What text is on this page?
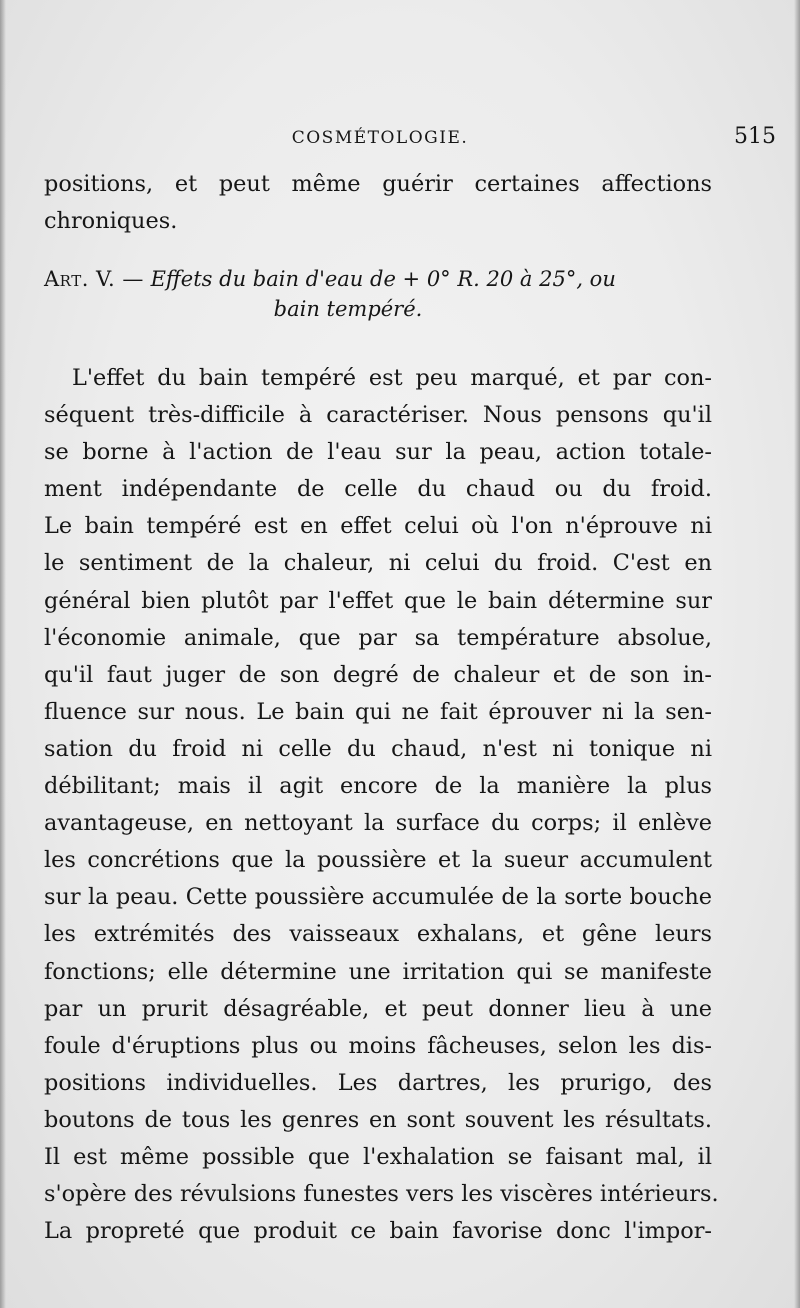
COSMÉTOLOGIE.	515
positions, et peut même guérir certaines affections
chroniques.
Art. V. — Effets du bain d'eau de + 0° R. 20 à 25°, ou
bain tempéré.
L'effet du bain tempéré est peu marqué, et par con-
séquent très-difficile à caractériser. Nous pensons qu'il
se borne à l'action de l'eau sur la peau, action totale-
ment indépendante de celle du chaud ou du froid.
Le bain tempéré est en effet celui où l'on n'éprouve ni
le sentiment de la chaleur, ni celui du froid. C'est en
général bien plutôt par l'effet que le bain détermine sur
l'économie animale, que par sa température absolue,
qu'il faut juger de son degré de chaleur et de son in-
fluence sur nous. Le bain qui ne fait éprouver ni la sen-
sation du froid ni celle du chaud, n'est ni tonique ni
débilitant; mais il agit encore de la manière la plus
avantageuse, en nettoyant la surface du corps; il enlève
les concrétions que la poussière et la sueur accumulent
sur la peau. Cette poussière accumulée de la sorte bouche
les extrémités des vaisseaux exhalans, et gêne leurs
fonctions; elle détermine une irritation qui se manifeste
par un prurit désagréable, et peut donner lieu à une
foule d'éruptions plus ou moins fâcheuses, selon les dis-
positions individuelles. Les dartres, les prurigo, des
boutons de tous les genres en sont souvent les résultats.
Il est même possible que l'exhalation se faisant mal, il
s'opère des révulsions funestes vers les viscères intérieurs.
La propreté que produit ce bain favorise donc l'impor-
